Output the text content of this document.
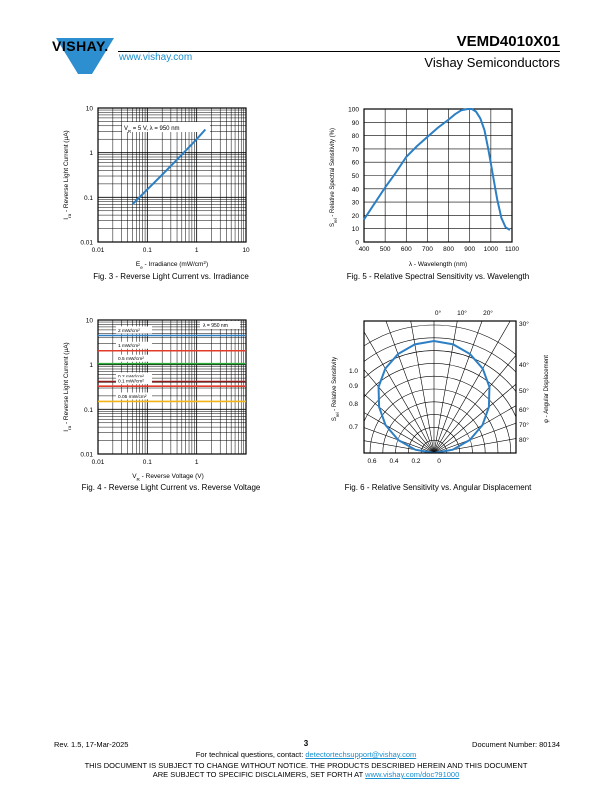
VISHAY.
www.vishay.com
VEMD4010X01
Vishay Semiconductors
$V_R = 5$ V, λ = 950 nm
0.01	0.1	1	10
0.01
0.1
1
10
$E_e$ - Irradiance $(mW/cm^2)$
$I_{ra}$ - Reverse Light Current (µA)
Fig. 3 - Reverse Light Current vs. Irradiance
400 500 600 700 800 900 1000 1100
0
10
20
30
40
50
60
70
80
90
100
λ - Wavelength (nm)
$S_{rel}$ - Relative Spectral Sensitivity (%)
Fig. 5 - Relative Spectral Sensitivity vs. Wavelength
λ = 950 nm
2 mW/cm²
1 mW/cm²
0.5 mW/cm²
0.1 mW/cm²
0.05 mW/cm²
0.01	0.1	1
0.01
0.1
1
10
$V_R$ - Reverse Voltage (V)
$I_{ra}$ - Reverse Light Current (µA)
Fig. 4 - Reverse Light Current vs. Reverse Voltage
0° 10° 20°
30°
40°
50°
60°
70°
80°
1.0
0.9
0.8
0.7
0.6 0.4 0.2	0
$S_{rel}$ - Relative Sensitivity	φ - Angular Displacement
Fig. 6 - Relative Sensitivity vs. Angular Displacement
Rev. 1.5, 17-Mar-2025	3	Document Number: 80134
For technical questions, contact: detectortechsupport@vishay.com
THIS DOCUMENT IS SUBJECT TO CHANGE WITHOUT NOTICE. THE PRODUCTS DESCRIBED HEREIN AND THIS DOCUMENT
ARE SUBJECT TO SPECIFIC DISCLAIMERS, SET FORTH AT www.vishay.com/doc?91000
